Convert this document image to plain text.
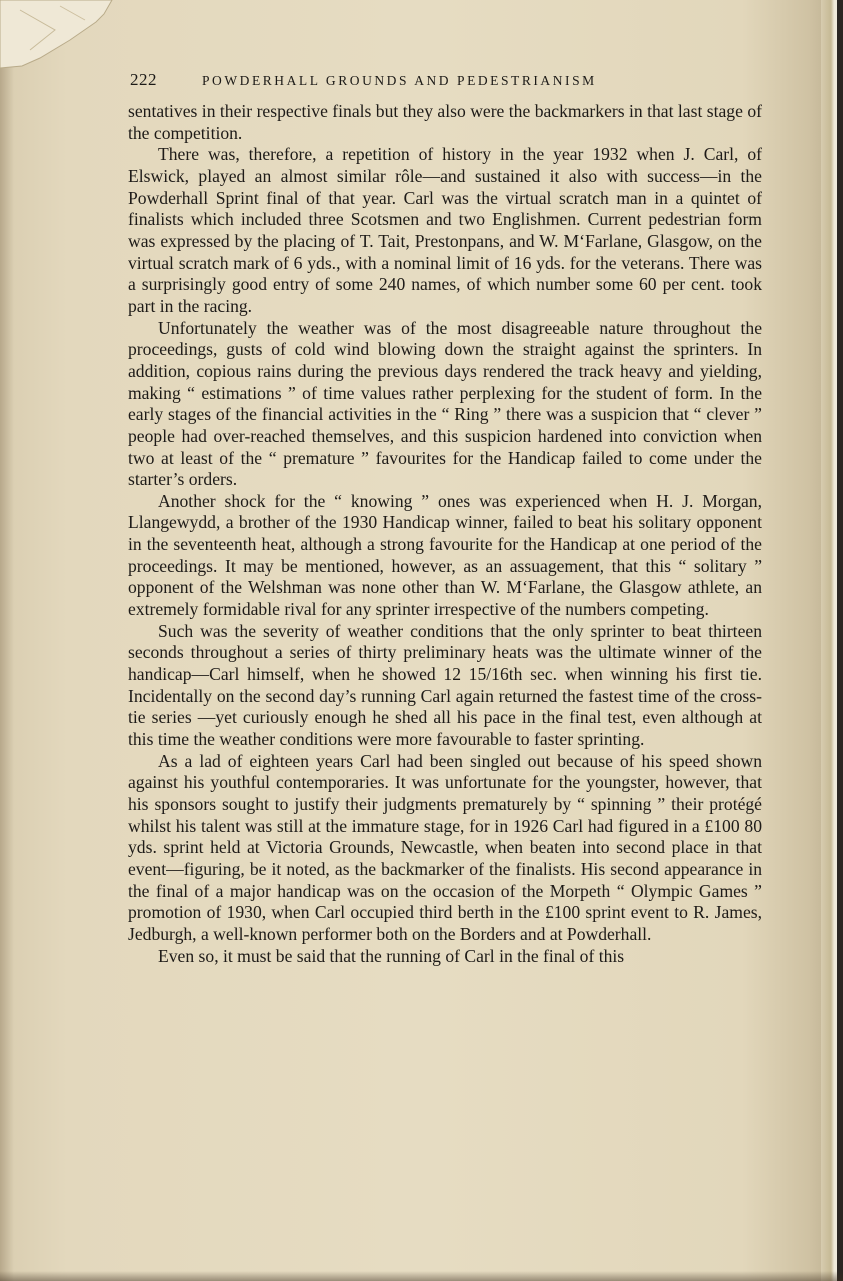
222	POWDERHALL GROUNDS AND PEDESTRIANISM

sentatives in their respective finals but they also were the backmarkers in that last stage of the competition.

There was, therefore, a repetition of history in the year 1932 when J. Carl, of Elswick, played an almost similar rôle—and sustained it also with success—in the Powderhall Sprint final of that year. Carl was the virtual scratch man in a quintet of finalists which included three Scotsmen and two Englishmen. Current pedestrian form was expressed by the placing of T. Tait, Prestonpans, and W. M‘Farlane, Glasgow, on the virtual scratch mark of 6 yds., with a nominal limit of 16 yds. for the veterans. There was a surprisingly good entry of some 240 names, of which number some 60 per cent. took part in the racing.

Unfortunately the weather was of the most disagreeable nature throughout the proceedings, gusts of cold wind blowing down the straight against the sprinters. In addition, copious rains during the previous days rendered the track heavy and yielding, making “ estimations ” of time values rather perplexing for the student of form. In the early stages of the financial activities in the “ Ring ” there was a suspicion that “ clever ” people had over-reached themselves, and this suspicion hardened into conviction when two at least of the “ premature ” favourites for the Handicap failed to come under the starter’s orders.

Another shock for the “ knowing ” ones was experienced when H. J. Morgan, Llangewydd, a brother of the 1930 Handicap winner, failed to beat his solitary opponent in the seventeenth heat, although a strong favourite for the Handicap at one period of the proceedings. It may be mentioned, however, as an assuagement, that this “ solitary ” opponent of the Welshman was none other than W. M‘Farlane, the Glasgow athlete, an extremely formidable rival for any sprinter irrespective of the numbers competing.

Such was the severity of weather conditions that the only sprinter to beat thirteen seconds throughout a series of thirty preliminary heats was the ultimate winner of the handicap—Carl himself, when he showed 12 15/16th sec. when winning his first tie. Incidentally on the second day’s running Carl again returned the fastest time of the cross-tie series —yet curiously enough he shed all his pace in the final test, even although at this time the weather conditions were more favourable to faster sprinting.

As a lad of eighteen years Carl had been singled out because of his speed shown against his youthful contemporaries. It was unfortunate for the youngster, however, that his sponsors sought to justify their judgments prematurely by “ spinning ” their protégé whilst his talent was still at the immature stage, for in 1926 Carl had figured in a £100 80 yds. sprint held at Victoria Grounds, Newcastle, when beaten into second place in that event—figuring, be it noted, as the backmarker of the finalists. His second appearance in the final of a major handicap was on the occasion of the Morpeth “ Olympic Games ” promotion of 1930, when Carl occupied third berth in the £100 sprint event to R. James, Jedburgh, a well-known performer both on the Borders and at Powderhall.

Even so, it must be said that the running of Carl in the final of this
